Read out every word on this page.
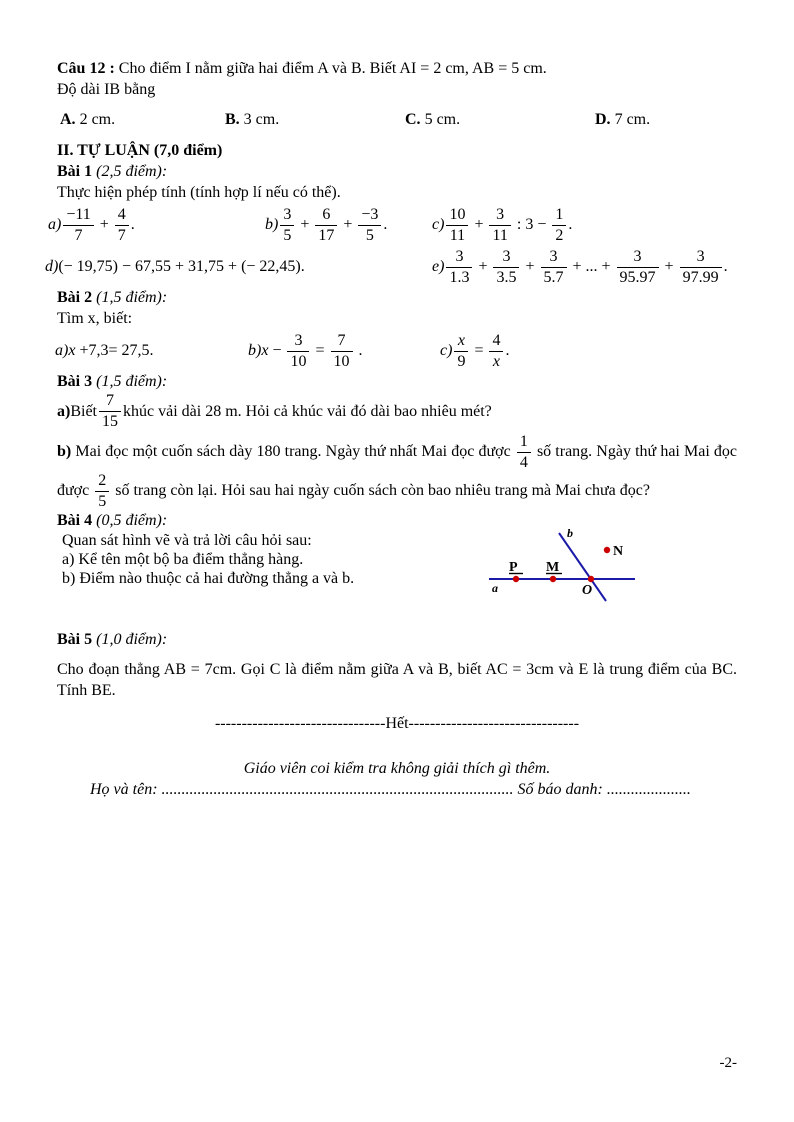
Câu 12 : Cho điểm I nằm giữa hai điểm A và B. Biết AI = 2 cm, AB = 5 cm.

Độ dài IB bằng

A. 2 cm.	B. 3 cm.	C. 5 cm.	D. 7 cm.

II. TỰ LUẬN (7,0 điểm)

Bài 1 (2,5 điểm):

Thực hiện phép tính (tính hợp lí nếu có thể).

$a) \frac{-11}{7} + \frac{4}{7}$ .	$b) \frac{3}{5} + \frac{6}{17} + \frac{-3}{5}$ .	$c) \frac{10}{11} + \frac{3}{11}$ : $3 - \frac{1}{2}$ .
d)(− 19,75) − 67,55 + 31,75 + (− 22,45).	$e) \frac{3}{1.3} + \frac{3}{3.5} + \frac{3}{5.7}$ + ... + $\frac{3}{95.97} + \frac{3}{97.99}$ .

Bài 2 (1,5 điểm):

Tìm x, biết:

a)x +7,3= 27,5.	$b)x - \frac{3}{10} = \frac{7}{10}$ .	$c) \frac{x}{9} = \frac{4}{x}$ .

Bài 3 (1,5 điểm):

a) Biết $\frac{7}{15}$ khúc vải dài 28 m. Hỏi cả khúc vải đó dài bao nhiêu mét?

b) Mai đọc một cuốn sách dày 180 trang. Ngày thứ nhất Mai đọc được $\frac{1}{4}$ số trang. Ngày thứ hai Mai đọc được $\frac{2}{5}$ số trang còn lại. Hỏi sau hai ngày cuốn sách còn bao nhiêu trang mà Mai chưa đọc?

Bài 4 (0,5 điểm):

Quan sát hình vẽ và trả lời câu hỏi sau:

a) Kể tên một bộ ba điểm thẳng hàng.

b) Điểm nào thuộc cả hai đường thẳng a và b.

P M
N
O
a
b

Bài 5 (1,0 điểm):

Cho đoạn thẳng AB = 7cm. Gọi C là điểm nằm giữa A và B, biết AC = 3cm và E là trung điểm của BC. Tính BE.

--------------------------------Hết--------------------------------

Giáo viên coi kiểm tra không giải thích gì thêm.

Họ và tên: ........................................................................................ Số báo danh: .....................

-2-
